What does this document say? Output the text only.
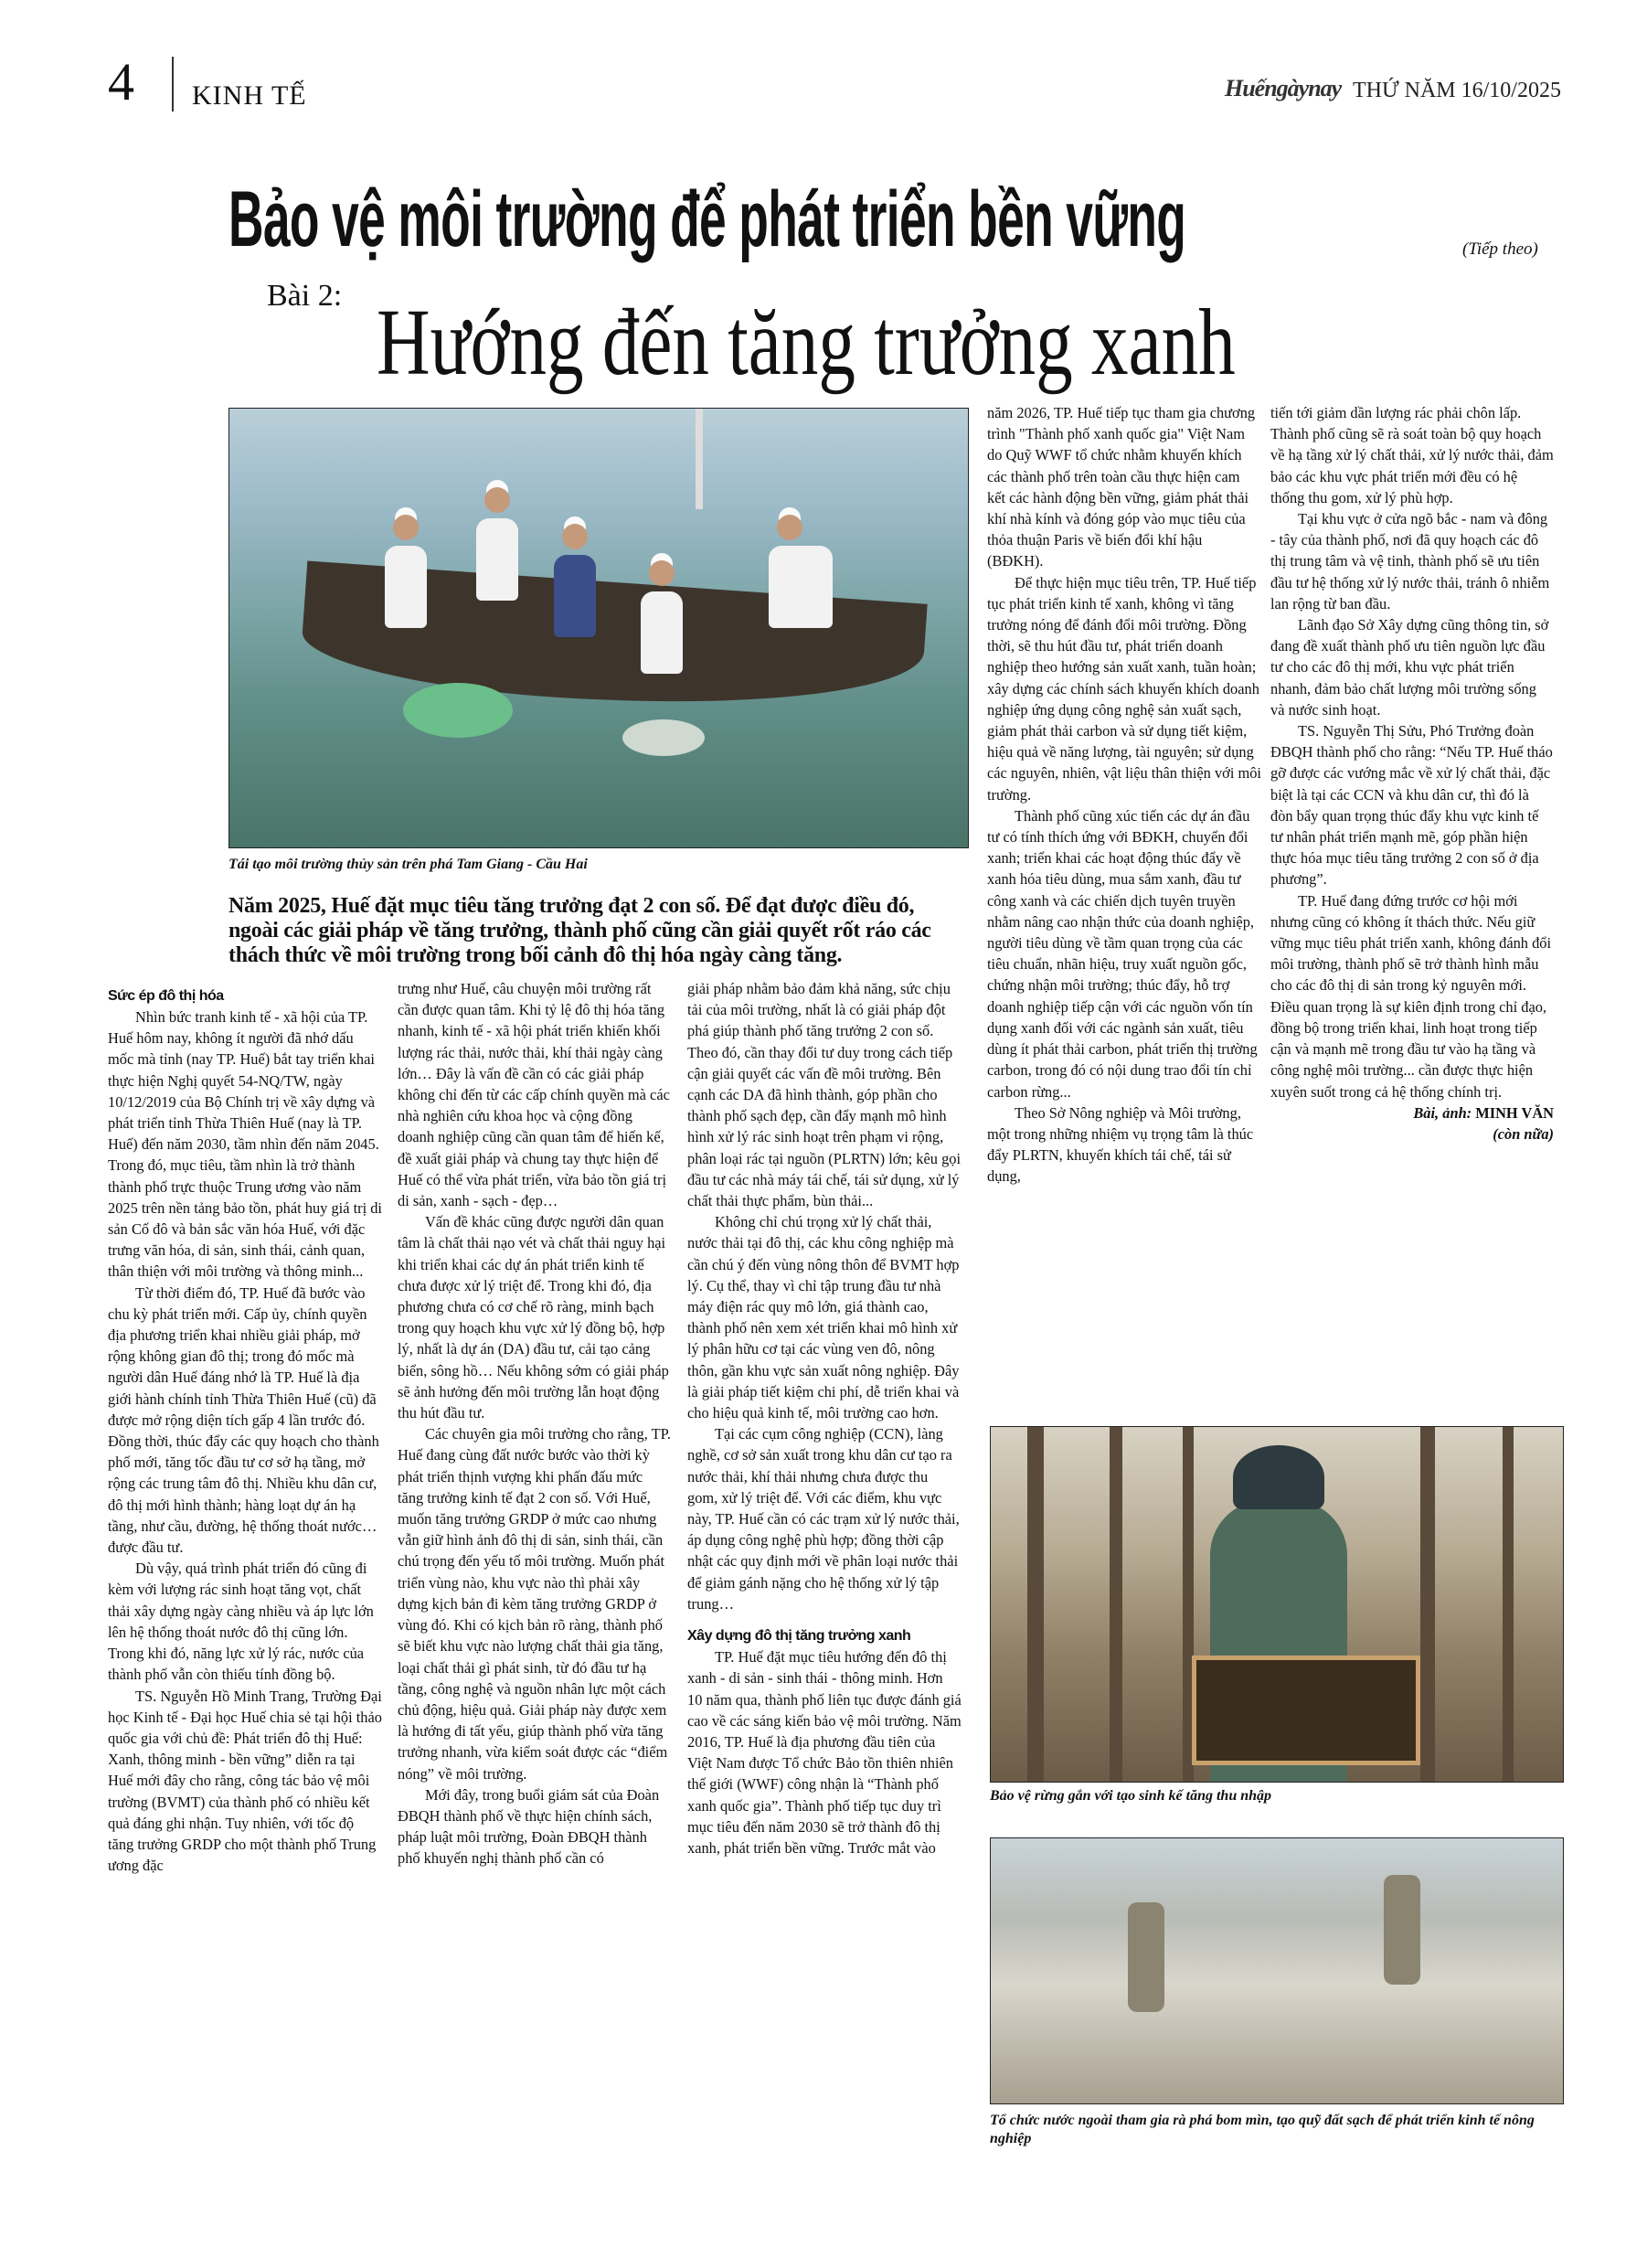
4 KINH TẾ	Huếngàynay THỨ NĂM 16/10/2025
Bảo vệ môi trường để phát triển bền vững	(Tiếp theo)
Bài 2: Hướng đến tăng trưởng xanh
Tái tạo môi trường thủy sản trên phá Tam Giang - Cầu Hai
Năm 2025, Huế đặt mục tiêu tăng trưởng đạt 2 con số. Để đạt được điều đó, ngoài các giải pháp về tăng trưởng, thành phố cũng cần giải quyết rốt ráo các thách thức về môi trường trong bối cảnh đô thị hóa ngày càng tăng.
Sức ép đô thị hóa

Nhìn bức tranh kinh tế - xã hội của TP. Huế hôm nay, không ít người đã nhớ dấu mốc mà tỉnh (nay TP. Huế) bắt tay triển khai thực hiện Nghị quyết 54-NQ/TW, ngày 10/12/2019 của Bộ Chính trị về xây dựng và phát triển tỉnh Thừa Thiên Huế (nay là TP. Huế) đến năm 2030, tầm nhìn đến năm 2045. Trong đó, mục tiêu, tầm nhìn là trở thành thành phố trực thuộc Trung ương vào năm 2025 trên nền tảng bảo tồn, phát huy giá trị di sản Cố đô và bản sắc văn hóa Huế, với đặc trưng văn hóa, di sản, sinh thái, cảnh quan, thân thiện với môi trường và thông minh...

Từ thời điểm đó, TP. Huế đã bước vào chu kỳ phát triển mới. Cấp ủy, chính quyền địa phương triển khai nhiều giải pháp, mở rộng không gian đô thị; trong đó mốc mà người dân Huế đáng nhớ là TP. Huế là địa giới hành chính tỉnh Thừa Thiên Huế (cũ) đã được mở rộng diện tích gấp 4 lần trước đó. Đồng thời, thúc đẩy các quy hoạch cho thành phố mới, tăng tốc đầu tư cơ sở hạ tầng, mở rộng các trung tâm đô thị. Nhiều khu dân cư, đô thị mới hình thành; hàng loạt dự án hạ tầng, như cầu, đường, hệ thống thoát nước… được đầu tư.

Dù vậy, quá trình phát triển đó cũng đi kèm với lượng rác sinh hoạt tăng vọt, chất thải xây dựng ngày càng nhiều và áp lực lớn lên hệ thống thoát nước đô thị cũng lớn. Trong khi đó, năng lực xử lý rác, nước của thành phố vẫn còn thiếu tính đồng bộ.

TS. Nguyễn Hồ Minh Trang, Trường Đại học Kinh tế - Đại học Huế chia sẻ tại hội thảo quốc gia với chủ đề: Phát triển đô thị Huế: Xanh, thông minh - bền vững” diễn ra tại Huế mới đây cho rằng, công tác bảo vệ môi trường (BVMT) của thành phố có nhiều kết quả đáng ghi nhận. Tuy nhiên, với tốc độ tăng trưởng GRDP cho một thành phố Trung ương đặc

trưng như Huế, câu chuyện môi trường rất cần được quan tâm. Khi tỷ lệ đô thị hóa tăng nhanh, kinh tế - xã hội phát triển khiến khối lượng rác thải, nước thải, khí thải ngày càng lớn… Đây là vấn đề cần có các giải pháp không chỉ đến từ các cấp chính quyền mà các nhà nghiên cứu khoa học và cộng đồng doanh nghiệp cũng cần quan tâm để hiến kế, đề xuất giải pháp và chung tay thực hiện để Huế có thể vừa phát triển, vừa bảo tồn giá trị di sản, xanh - sạch - đẹp…

Vấn đề khác cũng được người dân quan tâm là chất thải nạo vét và chất thải nguy hại khi triển khai các dự án phát triển kinh tế chưa được xử lý triệt để. Trong khi đó, địa phương chưa có cơ chế rõ ràng, minh bạch trong quy hoạch khu vực xử lý đồng bộ, hợp lý, nhất là dự án (DA) đầu tư, cải tạo cảng biển, sông hồ… Nếu không sớm có giải pháp sẽ ảnh hưởng đến môi trường lẫn hoạt động thu hút đầu tư.

Các chuyên gia môi trường cho rằng, TP. Huế đang cùng đất nước bước vào thời kỳ phát triển thịnh vượng khi phấn đấu mức tăng trưởng kinh tế đạt 2 con số. Với Huế, muốn tăng trưởng GRDP ở mức cao nhưng vẫn giữ hình ảnh đô thị di sản, sinh thái, cần chú trọng đến yếu tố môi trường. Muốn phát triển vùng nào, khu vực nào thì phải xây dựng kịch bản đi kèm tăng trưởng GRDP ở vùng đó. Khi có kịch bản rõ ràng, thành phố sẽ biết khu vực nào lượng chất thải gia tăng, loại chất thải gì phát sinh, từ đó đầu tư hạ tầng, công nghệ và nguồn nhân lực một cách chủ động, hiệu quả. Giải pháp này được xem là hướng đi tất yếu, giúp thành phố vừa tăng trưởng nhanh, vừa kiểm soát được các “điểm nóng” về môi trường.

Mới đây, trong buổi giám sát của Đoàn ĐBQH thành phố về thực hiện chính sách, pháp luật môi trường, Đoàn ĐBQH thành phố khuyến nghị thành phố cần có

giải pháp nhằm bảo đảm khả năng, sức chịu tải của môi trường, nhất là có giải pháp đột phá giúp thành phố tăng trưởng 2 con số. Theo đó, cần thay đổi tư duy trong cách tiếp cận giải quyết các vấn đề môi trường. Bên cạnh các DA đã hình thành, góp phần cho thành phố sạch đẹp, cần đẩy mạnh mô hình hình xử lý rác sinh hoạt trên phạm vi rộng, phân loại rác tại nguồn (PLRTN) lớn; kêu gọi đầu tư các nhà máy tái chế, tái sử dụng, xử lý chất thải thực phẩm, bùn thải...

Không chỉ chú trọng xử lý chất thải, nước thải tại đô thị, các khu công nghiệp mà cần chú ý đến vùng nông thôn để BVMT hợp lý. Cụ thể, thay vì chỉ tập trung đầu tư nhà máy điện rác quy mô lớn, giá thành cao, thành phố nên xem xét triển khai mô hình xử lý phân hữu cơ tại các vùng ven đô, nông thôn, gần khu vực sản xuất nông nghiệp. Đây là giải pháp tiết kiệm chi phí, dễ triển khai và cho hiệu quả kinh tế, môi trường cao hơn.

Tại các cụm công nghiệp (CCN), làng nghề, cơ sở sản xuất trong khu dân cư tạo ra nước thải, khí thải nhưng chưa được thu gom, xử lý triệt để. Với các điểm, khu vực này, TP. Huế cần có các trạm xử lý nước thải, áp dụng công nghệ phù hợp; đồng thời cập nhật các quy định mới về phân loại nước thải để giảm gánh nặng cho hệ thống xử lý tập trung…

Xây dựng đô thị tăng trưởng xanh

TP. Huế đặt mục tiêu hướng đến đô thị xanh - di sản - sinh thái - thông minh. Hơn 10 năm qua, thành phố liên tục được đánh giá cao về các sáng kiến bảo vệ môi trường. Năm 2016, TP. Huế là địa phương đầu tiên của Việt Nam được Tổ chức Bảo tồn thiên nhiên thế giới (WWF) công nhận là “Thành phố xanh quốc gia”. Thành phố tiếp tục duy trì mục tiêu đến năm 2030 sẽ trở thành đô thị xanh, phát triển bền vững. Trước mắt vào

năm 2026, TP. Huế tiếp tục tham gia chương trình "Thành phố xanh quốc gia" Việt Nam do Quỹ WWF tổ chức nhằm khuyến khích các thành phố trên toàn cầu thực hiện cam kết các hành động bền vững, giảm phát thải khí nhà kính và đóng góp vào mục tiêu của thỏa thuận Paris về biến đổi khí hậu (BĐKH).

Để thực hiện mục tiêu trên, TP. Huế tiếp tục phát triển kinh tế xanh, không vì tăng trưởng nóng để đánh đổi môi trường. Đồng thời, sẽ thu hút đầu tư, phát triển doanh nghiệp theo hướng sản xuất xanh, tuần hoàn; xây dựng các chính sách khuyến khích doanh nghiệp ứng dụng công nghệ sản xuất sạch, giảm phát thải carbon và sử dụng tiết kiệm, hiệu quả về năng lượng, tài nguyên; sử dụng các nguyên, nhiên, vật liệu thân thiện với môi trường.

Thành phố cũng xúc tiến các dự án đầu tư có tính thích ứng với BĐKH, chuyển đổi xanh; triển khai các hoạt động thúc đẩy về xanh hóa tiêu dùng, mua sắm xanh, đầu tư công xanh và các chiến dịch tuyên truyền nhằm nâng cao nhận thức của doanh nghiệp, người tiêu dùng về tầm quan trọng của các tiêu chuẩn, nhãn hiệu, truy xuất nguồn gốc, chứng nhận môi trường; thúc đẩy, hỗ trợ doanh nghiệp tiếp cận với các nguồn vốn tín dụng xanh đối với các ngành sản xuất, tiêu dùng ít phát thải carbon, phát triển thị trường carbon, trong đó có nội dung trao đổi tín chỉ carbon rừng...

Theo Sở Nông nghiệp và Môi trường, một trong những nhiệm vụ trọng tâm là thúc đẩy PLRTN, khuyến khích tái chế, tái sử dụng,

tiến tới giảm dần lượng rác phải chôn lấp. Thành phố cũng sẽ rà soát toàn bộ quy hoạch về hạ tầng xử lý chất thải, xử lý nước thải, đảm bảo các khu vực phát triển mới đều có hệ thống thu gom, xử lý phù hợp.

Tại khu vực ở cửa ngõ bắc - nam và đông - tây của thành phố, nơi đã quy hoạch các đô thị trung tâm và vệ tinh, thành phố sẽ ưu tiên đầu tư hệ thống xử lý nước thải, tránh ô nhiễm lan rộng từ ban đầu.

Lãnh đạo Sở Xây dựng cũng thông tin, sở đang đề xuất thành phố ưu tiên nguồn lực đầu tư cho các đô thị mới, khu vực phát triển nhanh, đảm bảo chất lượng môi trường sống và nước sinh hoạt.

TS. Nguyễn Thị Sửu, Phó Trưởng đoàn ĐBQH thành phố cho rằng: “Nếu TP. Huế tháo gỡ được các vướng mắc về xử lý chất thải, đặc biệt là tại các CCN và khu dân cư, thì đó là đòn bẩy quan trọng thúc đẩy khu vực kinh tế tư nhân phát triển mạnh mẽ, góp phần hiện thực hóa mục tiêu tăng trưởng 2 con số ở địa phương”.

TP. Huế đang đứng trước cơ hội mới nhưng cũng có không ít thách thức. Nếu giữ vững mục tiêu phát triển xanh, không đánh đổi môi trường, thành phố sẽ trở thành hình mẫu cho các đô thị di sản trong kỷ nguyên mới. Điều quan trọng là sự kiên định trong chỉ đạo, đồng bộ trong triển khai, linh hoạt trong tiếp cận và mạnh mẽ trong đầu tư vào hạ tầng và công nghệ môi trường... cần được thực hiện xuyên suốt trong cả hệ thống chính trị.

Bài, ảnh: MINH VĂN
(còn nữa)
Bảo vệ rừng gắn với tạo sinh kế tăng thu nhập
Tổ chức nước ngoài tham gia rà phá bom mìn, tạo quỹ đất sạch để phát triển kinh tế nông nghiệp
